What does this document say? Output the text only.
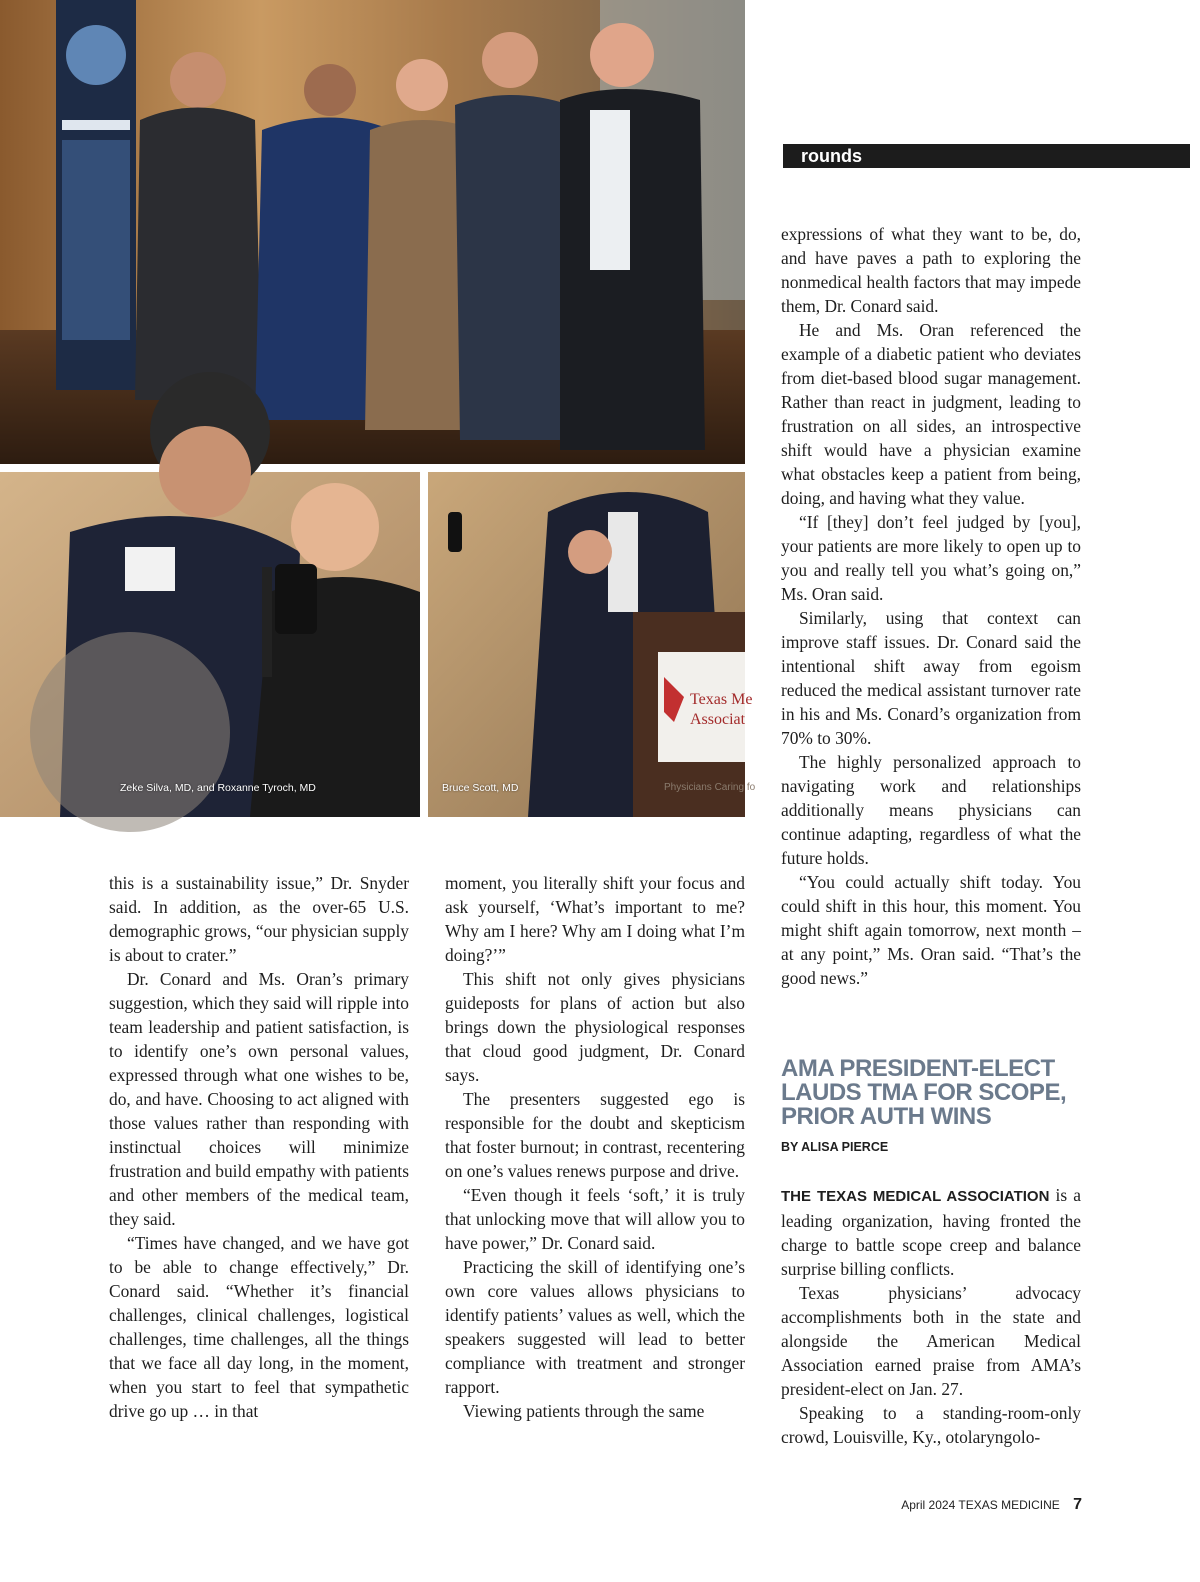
Zeke Silva, MD, and Roxanne Tyroch, MD
Texas Me
Associat
Physicians Caring fo
Bruce Scott, MD
rounds

this is a sustainability issue,” Dr. Snyder said. In addition, as the over-65 U.S. demographic grows, “our physician supply is about to crater.”

Dr. Conard and Ms. Oran’s primary suggestion, which they said will ripple into team leadership and patient satisfaction, is to identify one’s own personal values, expressed through what one wishes to be, do, and have. Choosing to act aligned with those values rather than responding with instinctual choices will minimize frustration and build empathy with patients and other members of the medical team, they said.

“Times have changed, and we have got to be able to change effectively,” Dr. Conard said. “Whether it’s financial challenges, clinical challenges, logistical challenges, time challenges, all the things that we face all day long, in the moment, when you start to feel that sympathetic drive go up … in that

moment, you literally shift your focus and ask yourself, ‘What’s important to me? Why am I here? Why am I doing what I’m doing?’”

This shift not only gives physicians guideposts for plans of action but also brings down the physiological responses that cloud good judgment, Dr. Conard says.

The presenters suggested ego is responsible for the doubt and skepticism that foster burnout; in contrast, recentering on one’s values renews purpose and drive.

“Even though it feels ‘soft,’ it is truly that unlocking move that will allow you to have power,” Dr. Conard said.

Practicing the skill of identifying one’s own core values allows physicians to identify patients’ values as well, which the speakers suggested will lead to better compliance with treatment and stronger rapport.

Viewing patients through the same

expressions of what they want to be, do, and have paves a path to exploring the nonmedical health factors that may impede them, Dr. Conard said.

He and Ms. Oran referenced the example of a diabetic patient who deviates from diet-based blood sugar management. Rather than react in judgment, leading to frustration on all sides, an introspective shift would have a physician examine what obstacles keep a patient from being, doing, and having what they value.

“If [they] don’t feel judged by [you], your patients are more likely to open up to you and really tell you what’s going on,” Ms. Oran said.

Similarly, using that context can improve staff issues. Dr. Conard said the intentional shift away from egoism reduced the medical assistant turnover rate in his and Ms. Conard’s organization from 70% to 30%.

The highly personalized approach to navigating work and relationships additionally means physicians can continue adapting, regardless of what the future holds.

“You could actually shift today. You could shift in this hour, this moment. You might shift again tomorrow, next month – at any point,” Ms. Oran said. “That’s the good news.”

AMA PRESIDENT-ELECT LAUDS TMA FOR SCOPE, PRIOR AUTH WINS
BY ALISA PIERCE

THE TEXAS MEDICAL ASSOCIATION is a leading organization, having fronted the charge to battle scope creep and balance surprise billing conflicts.

Texas physicians’ advocacy accomplishments both in the state and alongside the American Medical Association earned praise from AMA’s president-elect on Jan. 27.

Speaking to a standing-room-only crowd, Louisville, Ky., otolaryngolo-

April 2024 TEXAS MEDICINE 7
